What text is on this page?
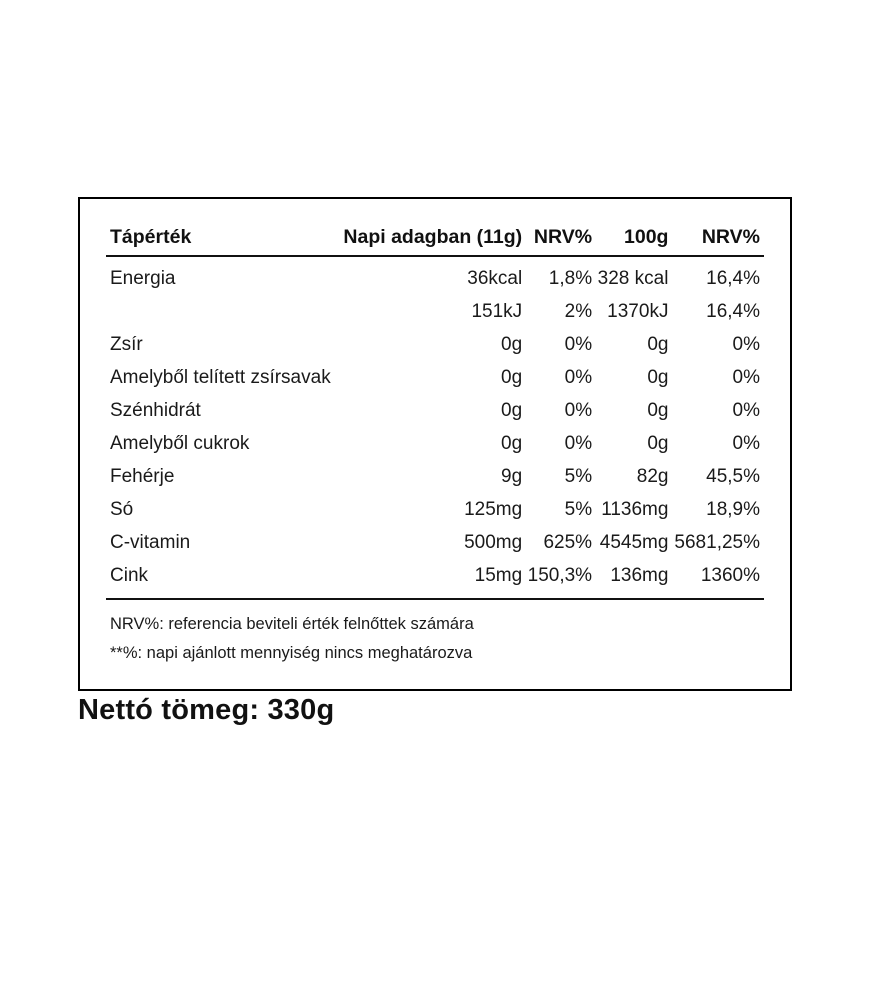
Tápérték	Napi adagban (11g)	NRV%	100g	NRV%
Energia	36kcal	1,8%	328 kcal	16,4%
	151kJ	2%	1370kJ	16,4%
Zsír	0g	0%	0g	0%
Amelyből telített zsírsavak	0g	0%	0g	0%
Szénhidrát	0g	0%	0g	0%
Amelyből cukrok	0g	0%	0g	0%
Fehérje	9g	5%	82g	45,5%
Só	125mg	5%	1136mg	18,9%
C-vitamin	500mg	625%	4545mg	5681,25%
Cink	15mg	150,3%	136mg	1360%
NRV%: referencia beviteli érték felnőttek számára
**%: napi ajánlott mennyiség nincs meghatározva
Nettó tömeg: 330g
